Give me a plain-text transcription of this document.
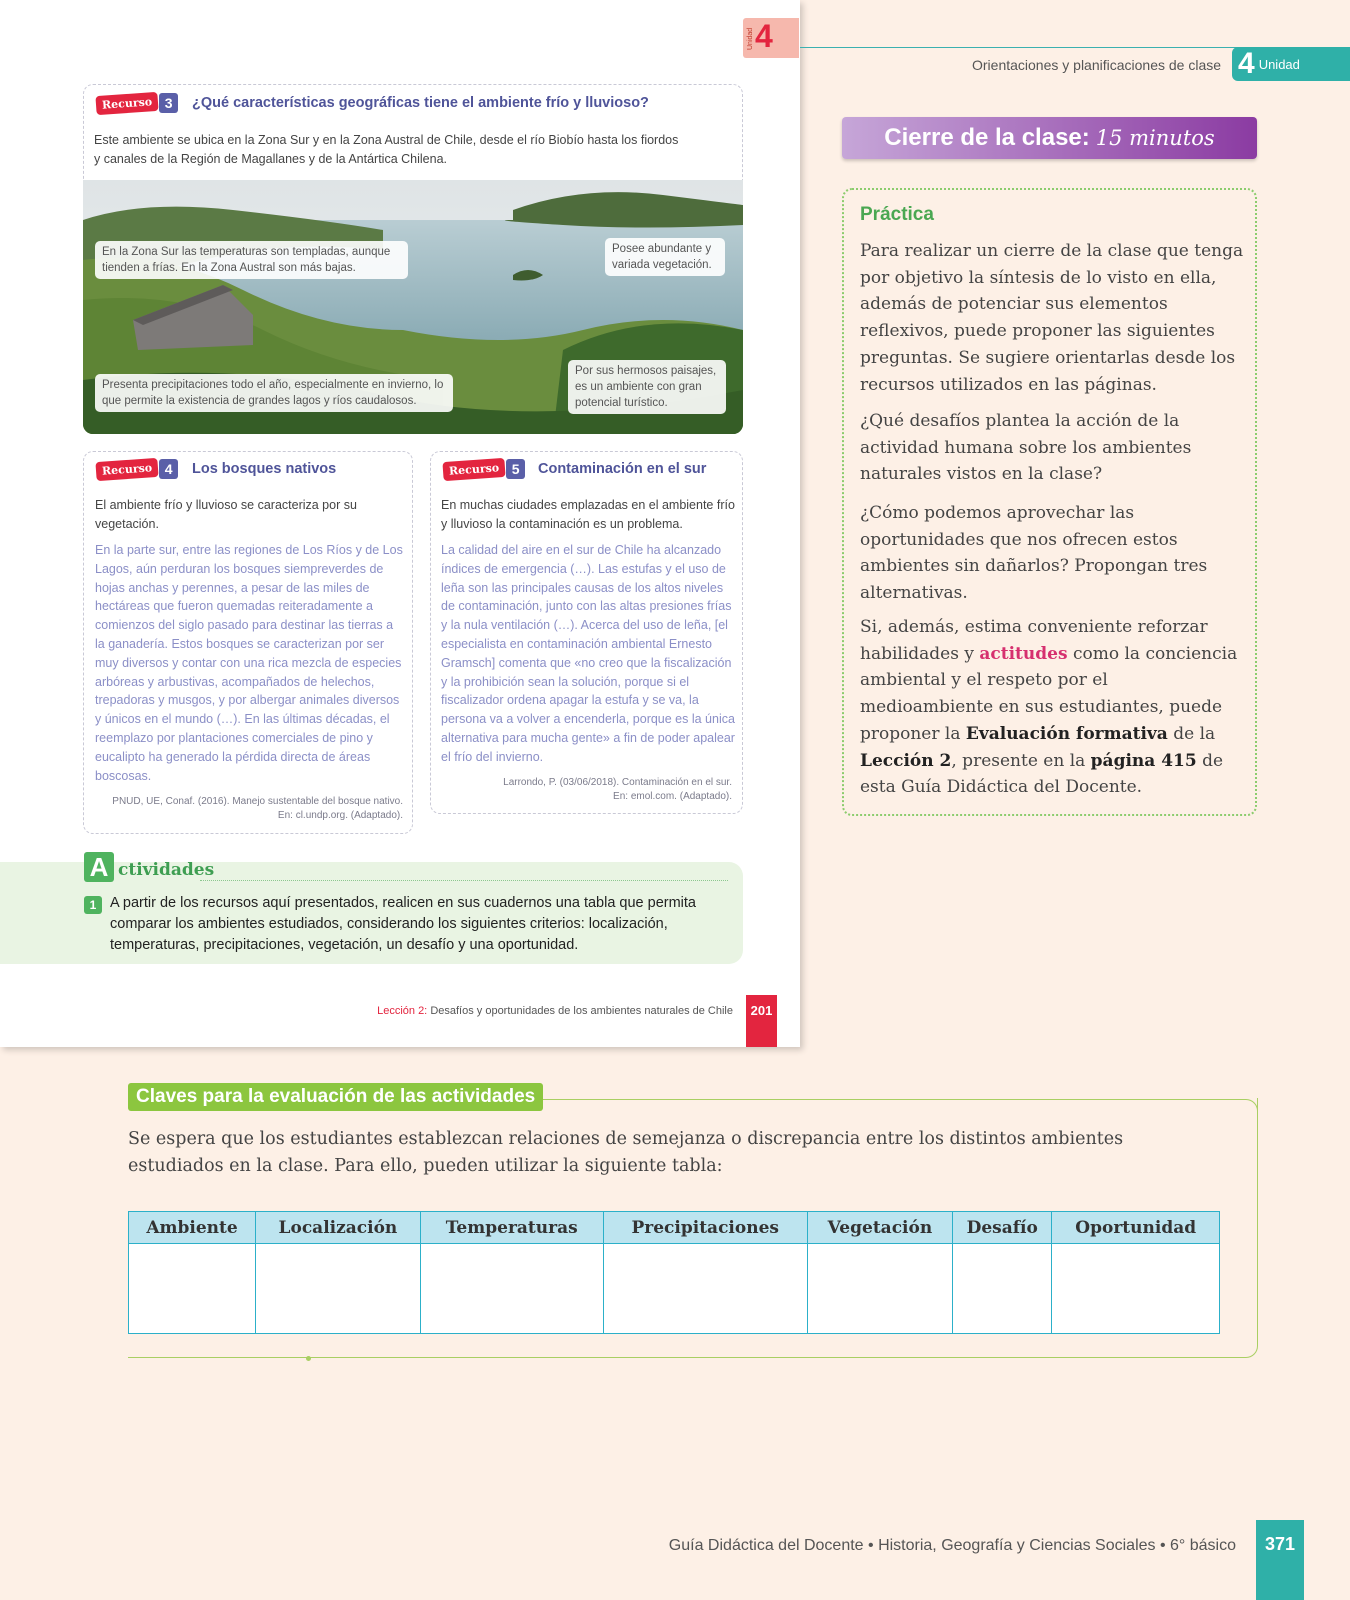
Unidad 4
Recurso 3	¿Qué características geográficas tiene el ambiente frío y lluvioso?
Este ambiente se ubica en la Zona Sur y en la Zona Austral de Chile, desde el río Biobío hasta los fiordos
y canales de la Región de Magallanes y de la Antártica Chilena.
En la Zona Sur las temperaturas son templadas, aunque tienden a frías. En la Zona Austral son más bajas.
Posee abundante y variada vegetación.
Presenta precipitaciones todo el año, especialmente en invierno, lo que permite la existencia de grandes lagos y ríos caudalosos.
Por sus hermosos paisajes, es un ambiente con gran potencial turístico.
Recurso 4	Los bosques nativos
El ambiente frío y lluvioso se caracteriza por su vegetación.
En la parte sur, entre las regiones de Los Ríos y de Los Lagos, aún perduran los bosques siempreverdes de hojas anchas y perennes, a pesar de las miles de hectáreas que fueron quemadas reiteradamente a comienzos del siglo pasado para destinar las tierras a la ganadería. Estos bosques se caracterizan por ser muy diversos y contar con una rica mezcla de especies arbóreas y arbustivas, acompañados de helechos, trepadoras y musgos, y por albergar animales diversos y únicos en el mundo (…). En las últimas décadas, el reemplazo por plantaciones comerciales de pino y eucalipto ha generado la pérdida directa de áreas boscosas.
PNUD, UE, Conaf. (2016). Manejo sustentable del bosque nativo.
En: cl.undp.org. (Adaptado).
Recurso 5	Contaminación en el sur
En muchas ciudades emplazadas en el ambiente frío y lluvioso la contaminación es un problema.
La calidad del aire en el sur de Chile ha alcanzado índices de emergencia (…). Las estufas y el uso de leña son las principales causas de los altos niveles de contaminación, junto con las altas presiones frías y la nula ventilación (…). Acerca del uso de leña, [el especialista en contaminación ambiental Ernesto Gramsch] comenta que «no creo que la fiscalización y la prohibición sean la solución, porque si el fiscalizador ordena apagar la estufa y se va, la persona va a volver a encenderla, porque es la única alternativa para mucha gente» a fin de poder apalear el frío del invierno.
Larrondo, P. (03/06/2018). Contaminación en el sur.
En: emol.com. (Adaptado).
A ctividades
1 A partir de los recursos aquí presentados, realicen en sus cuadernos una tabla que permita comparar los ambientes estudiados, considerando los siguientes criterios: localización, temperaturas, precipitaciones, vegetación, un desafío y una oportunidad.
Lección 2: Desafíos y oportunidades de los ambientes naturales de Chile	201
Orientaciones y planificaciones de clase 4 Unidad
Cierre de la clase: 15 minutos
Práctica
Para realizar un cierre de la clase que tenga por objetivo la síntesis de lo visto en ella, además de potenciar sus elementos reflexivos, puede proponer las siguientes preguntas. Se sugiere orientarlas desde los recursos utilizados en las páginas.
¿Qué desafíos plantea la acción de la actividad humana sobre los ambientes naturales vistos en la clase?
¿Cómo podemos aprovechar las oportunidades que nos ofrecen estos ambientes sin dañarlos? Propongan tres alternativas.
Si, además, estima conveniente reforzar habilidades y actitudes como la conciencia ambiental y el respeto por el medioambiente en sus estudiantes, puede proponer la Evaluación formativa de la Lección 2, presente en la página 415 de esta Guía Didáctica del Docente.
Claves para la evaluación de las actividades
Se espera que los estudiantes establezcan relaciones de semejanza o discrepancia entre los distintos ambientes estudiados en la clase. Para ello, pueden utilizar la siguiente tabla:
Ambiente	Localización	Temperaturas	Precipitaciones	Vegetación	Desafío	Oportunidad

Guía Didáctica del Docente • Historia, Geografía y Ciencias Sociales • 6° básico	371
